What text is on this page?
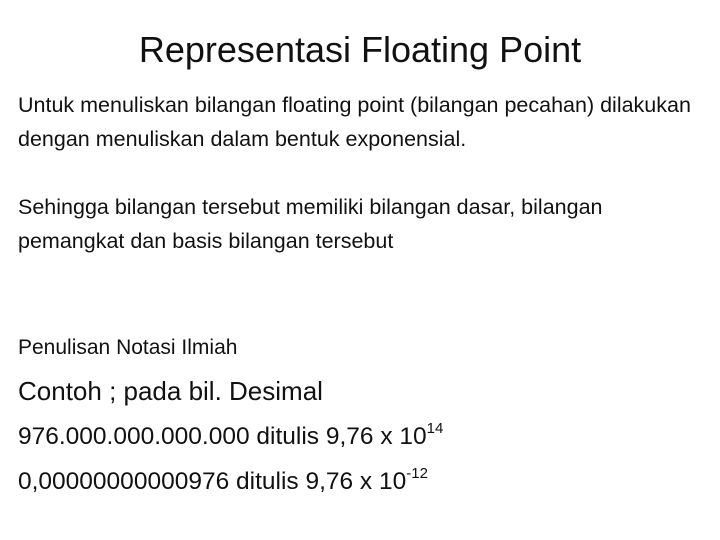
Representasi Floating Point

Untuk menuliskan bilangan floating point (bilangan pecahan) dilakukan dengan menuliskan dalam bentuk exponensial.

Sehingga bilangan tersebut memiliki bilangan dasar, bilangan pemangkat dan basis bilangan tersebut

Penulisan Notasi Ilmiah

Contoh ; pada bil. Desimal

976.000.000.000.000 ditulis 9,76 x $10^{14}$

0,00000000000976 ditulis 9,76 x $10^{-12}$
